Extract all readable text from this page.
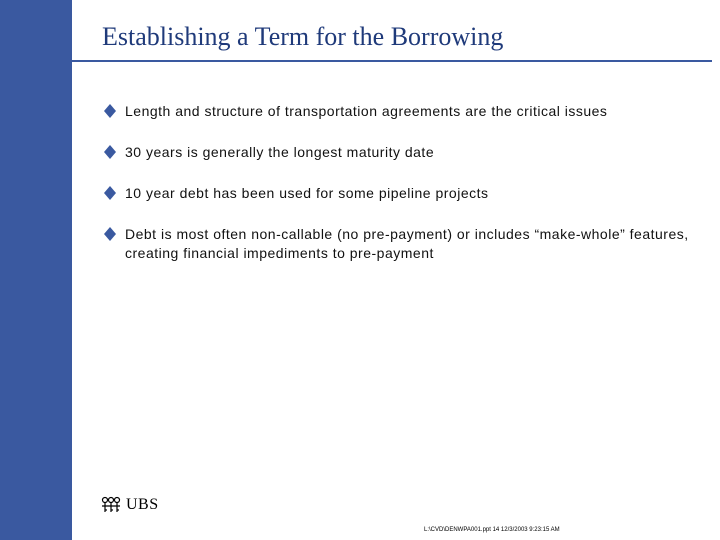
Establishing a Term for the Borrowing
Length and structure of transportation agreements are the critical issues
30 years is generally the longest maturity date
10 year debt has been used for some pipeline projects
Debt is most often non-callable (no pre-payment) or includes “make-whole” features, creating financial impediments to pre-payment
UBS
L:\CVD\DENWPA001.ppt 14 12/3/2003 9:23:15 AM
